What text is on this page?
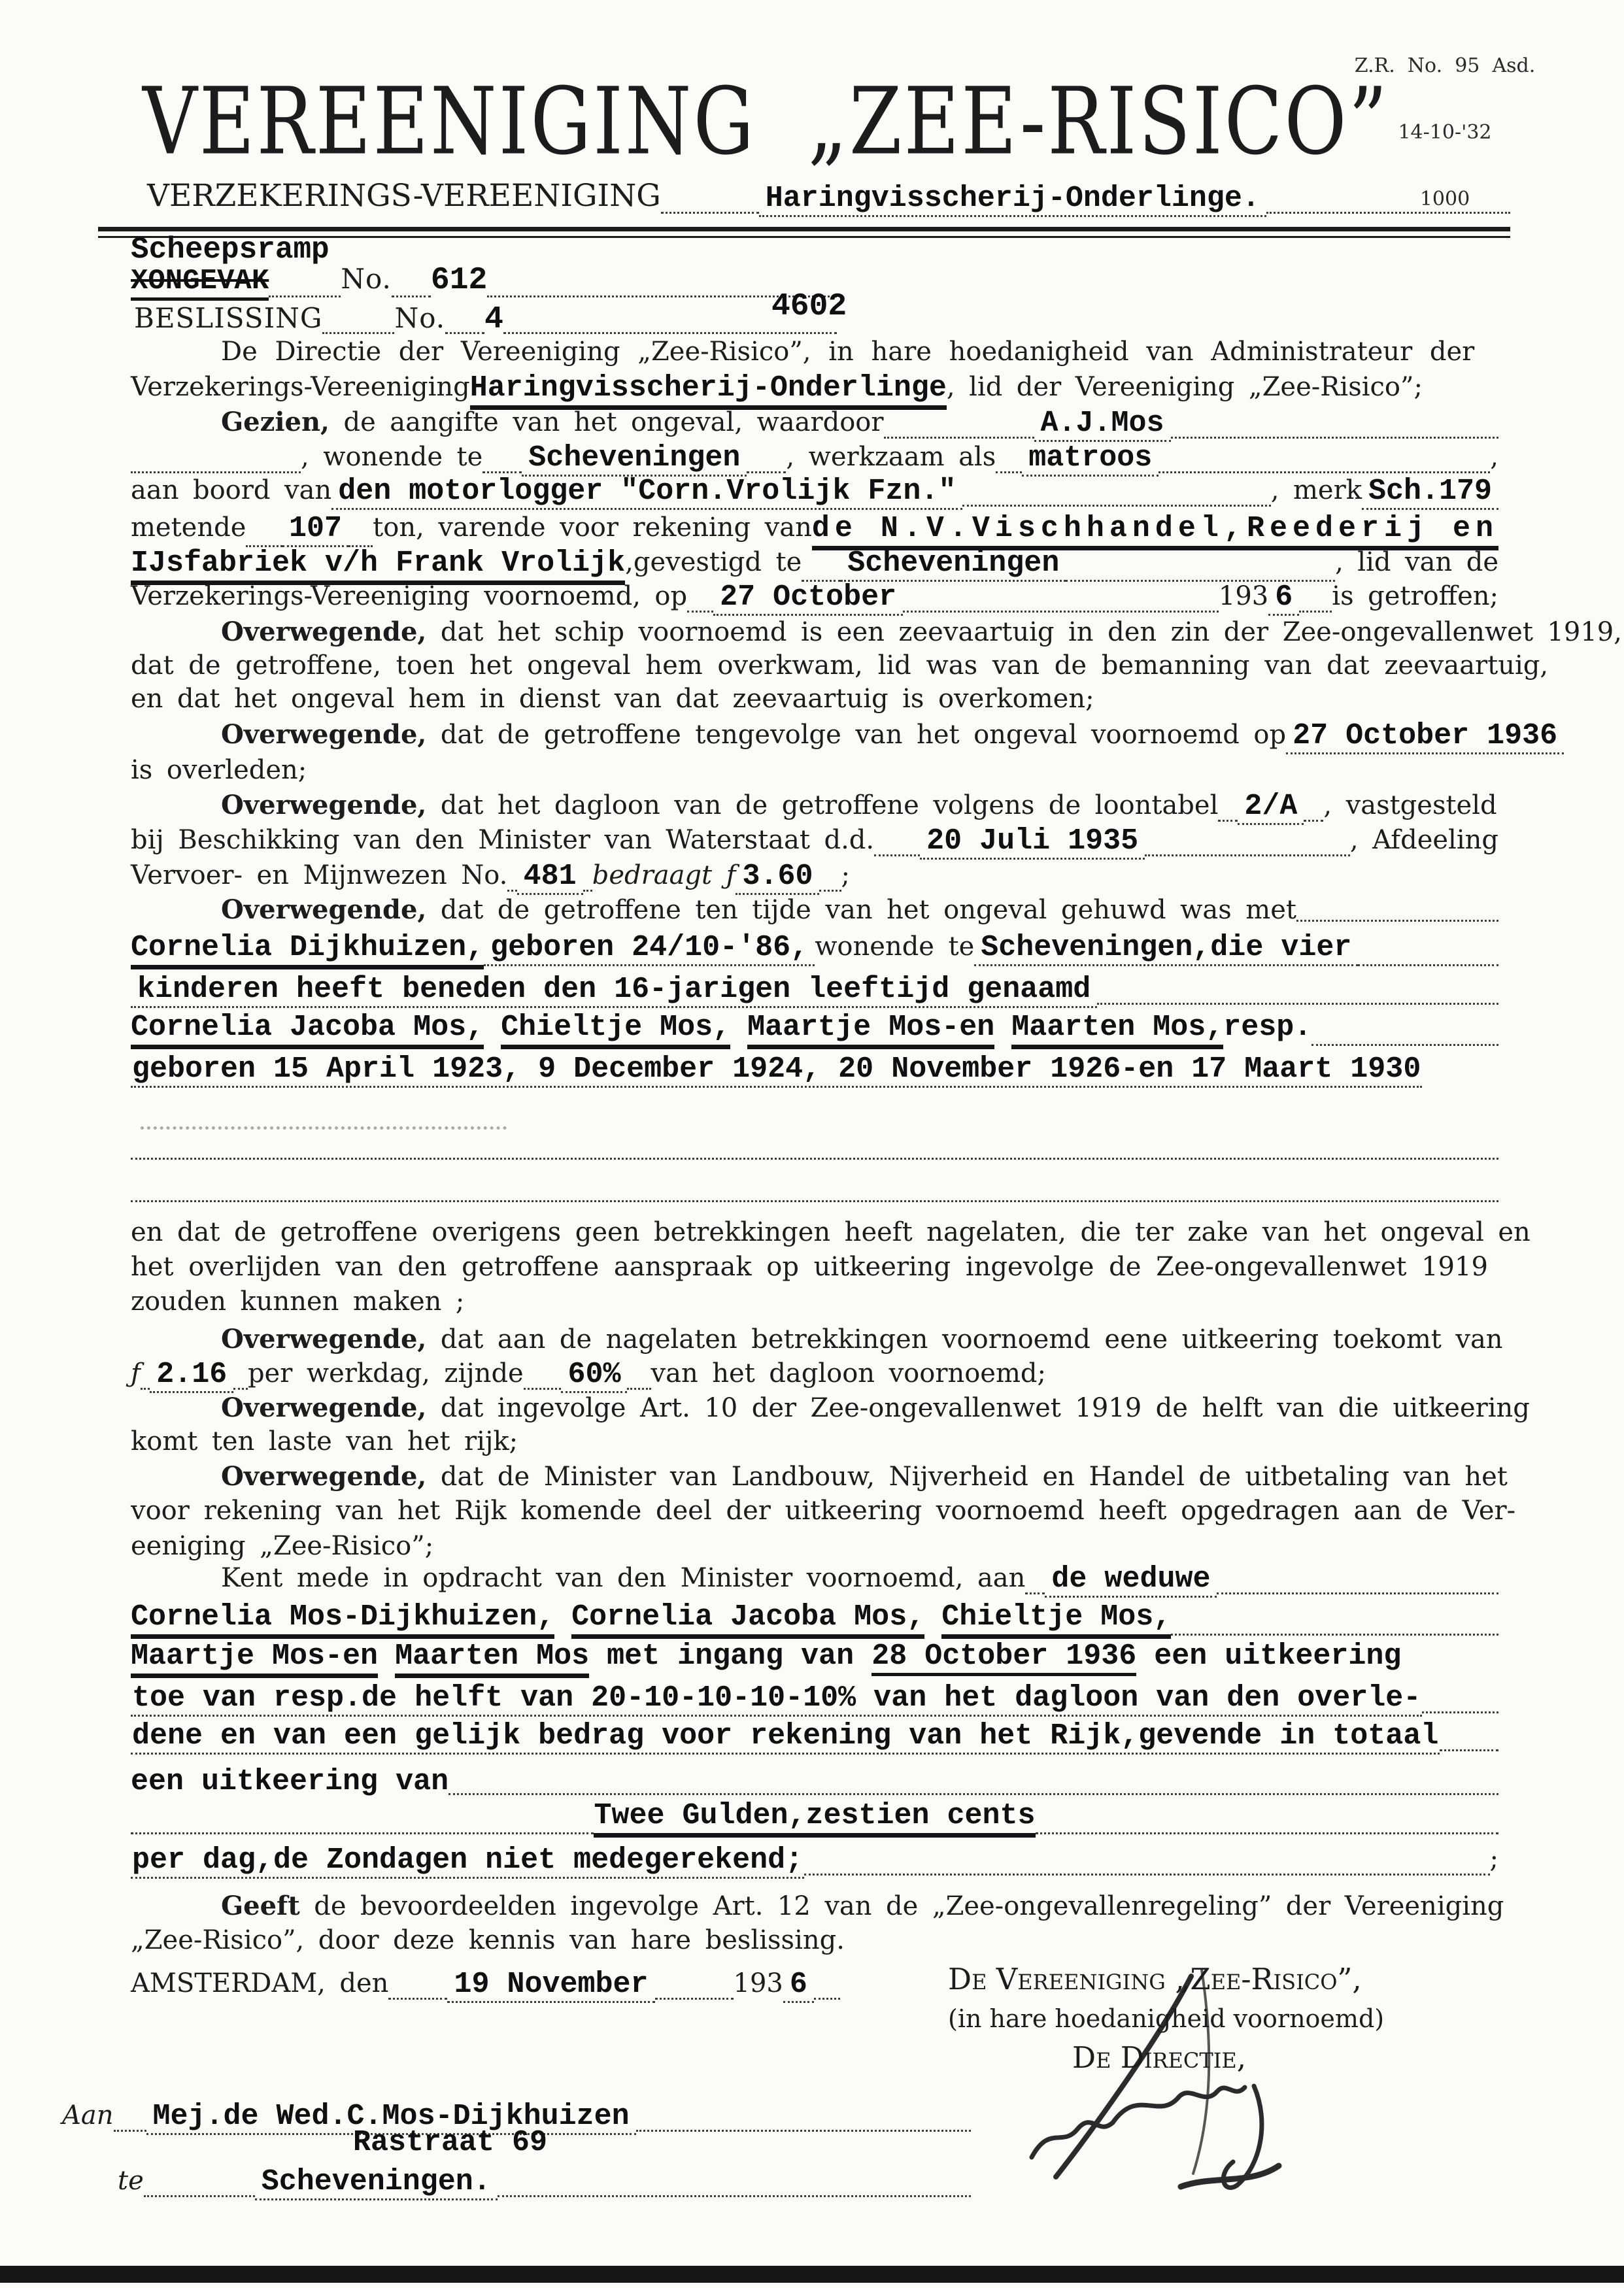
Z.R.  No.  95  Asd.

14-10-'32

1000

VEREENIGING  „ZEE-RISICO”
VERZEKERINGS-VEREENIGING	Haringvisscherij-Onderlinge.
Scheepsramp
XONGEVAK	No. 612
BESLISSING	No. 4	4602
De Directie der Vereeniging „Zee-Risico”, in hare hoedanigheid van Administrateur der
Verzekerings-Vereeniging Haringvisscherij-Onderlinge , lid der Vereeniging „Zee-Risico”;
Gezien, de aangifte van het ongeval, waardoor	A.J.Mos
, wonende te Scheveningen , werkzaam als matroos	,
aan boord van den motorlogger "Corn.Vrolijk Fzn."	, merk Sch.179
metende 107 ton, varende voor rekening van de N.V.Vischhandel,Reederij en
IJsfabriek v/h Frank Vrolijk ,gevestigd te Scheveningen	, lid van de
Verzekerings-Vereeniging voornoemd, op 27 October	193 6 is getroffen;
Overwegende, dat het schip voornoemd is een zeevaartuig in den zin der Zee-ongevallenwet 1919,
dat de getroffene, toen het ongeval hem overkwam, lid was van de bemanning van dat zeevaartuig,
en dat het ongeval hem in dienst van dat zeevaartuig is overkomen;
Overwegende, dat de getroffene tengevolge van het ongeval voornoemd op 27 October 1936
is overleden;
Overwegende, dat het dagloon van de getroffene volgens de loontabel 2/A , vastgesteld
bij Beschikking van den Minister van Waterstaat d.d. 20 Juli 1935	, Afdeeling
Vervoer- en Mijnwezen No. 481 bedraagt ƒ 3.60 ;
Overwegende, dat de getroffene ten tijde van het ongeval gehuwd was met
Cornelia Dijkhuizen, geboren 24/10-'86, wonende te Scheveningen,die vier
kinderen heeft beneden den 16-jarigen leeftijd genaamd
Cornelia Jacoba Mos, Chieltje Mos, Maartje Mos-en Maarten Mos, resp.
geboren 15 April 1923, 9 December 1924, 20 November 1926-en 17 Maart 1930
en dat de getroffene overigens geen betrekkingen heeft nagelaten, die ter zake van het ongeval en
het overlijden van den getroffene aanspraak op uitkeering ingevolge de Zee-ongevallenwet 1919
zouden kunnen maken ;
Overwegende, dat aan de nagelaten betrekkingen voornoemd eene uitkeering toekomt van
ƒ 2.16 per werkdag, zijnde 60% van het dagloon voornoemd;
Overwegende, dat ingevolge Art. 10 der Zee-ongevallenwet 1919 de helft van die uitkeering
komt ten laste van het rijk;
Overwegende, dat de Minister van Landbouw, Nijverheid en Handel de uitbetaling van het
voor rekening van het Rijk komende deel der uitkeering voornoemd heeft opgedragen aan de Ver-
eeniging „Zee-Risico”;
Kent mede in opdracht van den Minister voornoemd, aan de weduwe
Cornelia Mos-Dijkhuizen, Cornelia Jacoba Mos, Chieltje Mos,
Maartje Mos-en Maarten Mos met ingang van 28 October 1936 een uitkeering
toe van resp.de helft van 20-10-10-10-10% van het dagloon van den overle-
dene en van een gelijk bedrag voor rekening van het Rijk,gevende in totaal
een uitkeering van
Twee Gulden,zestien cents
per dag,de Zondagen niet medegerekend;	;
Geeft de bevoordeelden ingevolge Art. 12 van de „Zee-ongevallenregeling” der Vereeniging
„Zee-Risico”, door deze kennis van hare beslissing.
AMSTERDAM, den 19 November	193 6	De Vereeniging „Zee-Risico”,
(in hare hoedanigheid voornoemd)
De Directie,
Aan Mej.de Wed.C.Mos-Dijkhuizen
Rastraat 69
te	Scheveningen.
